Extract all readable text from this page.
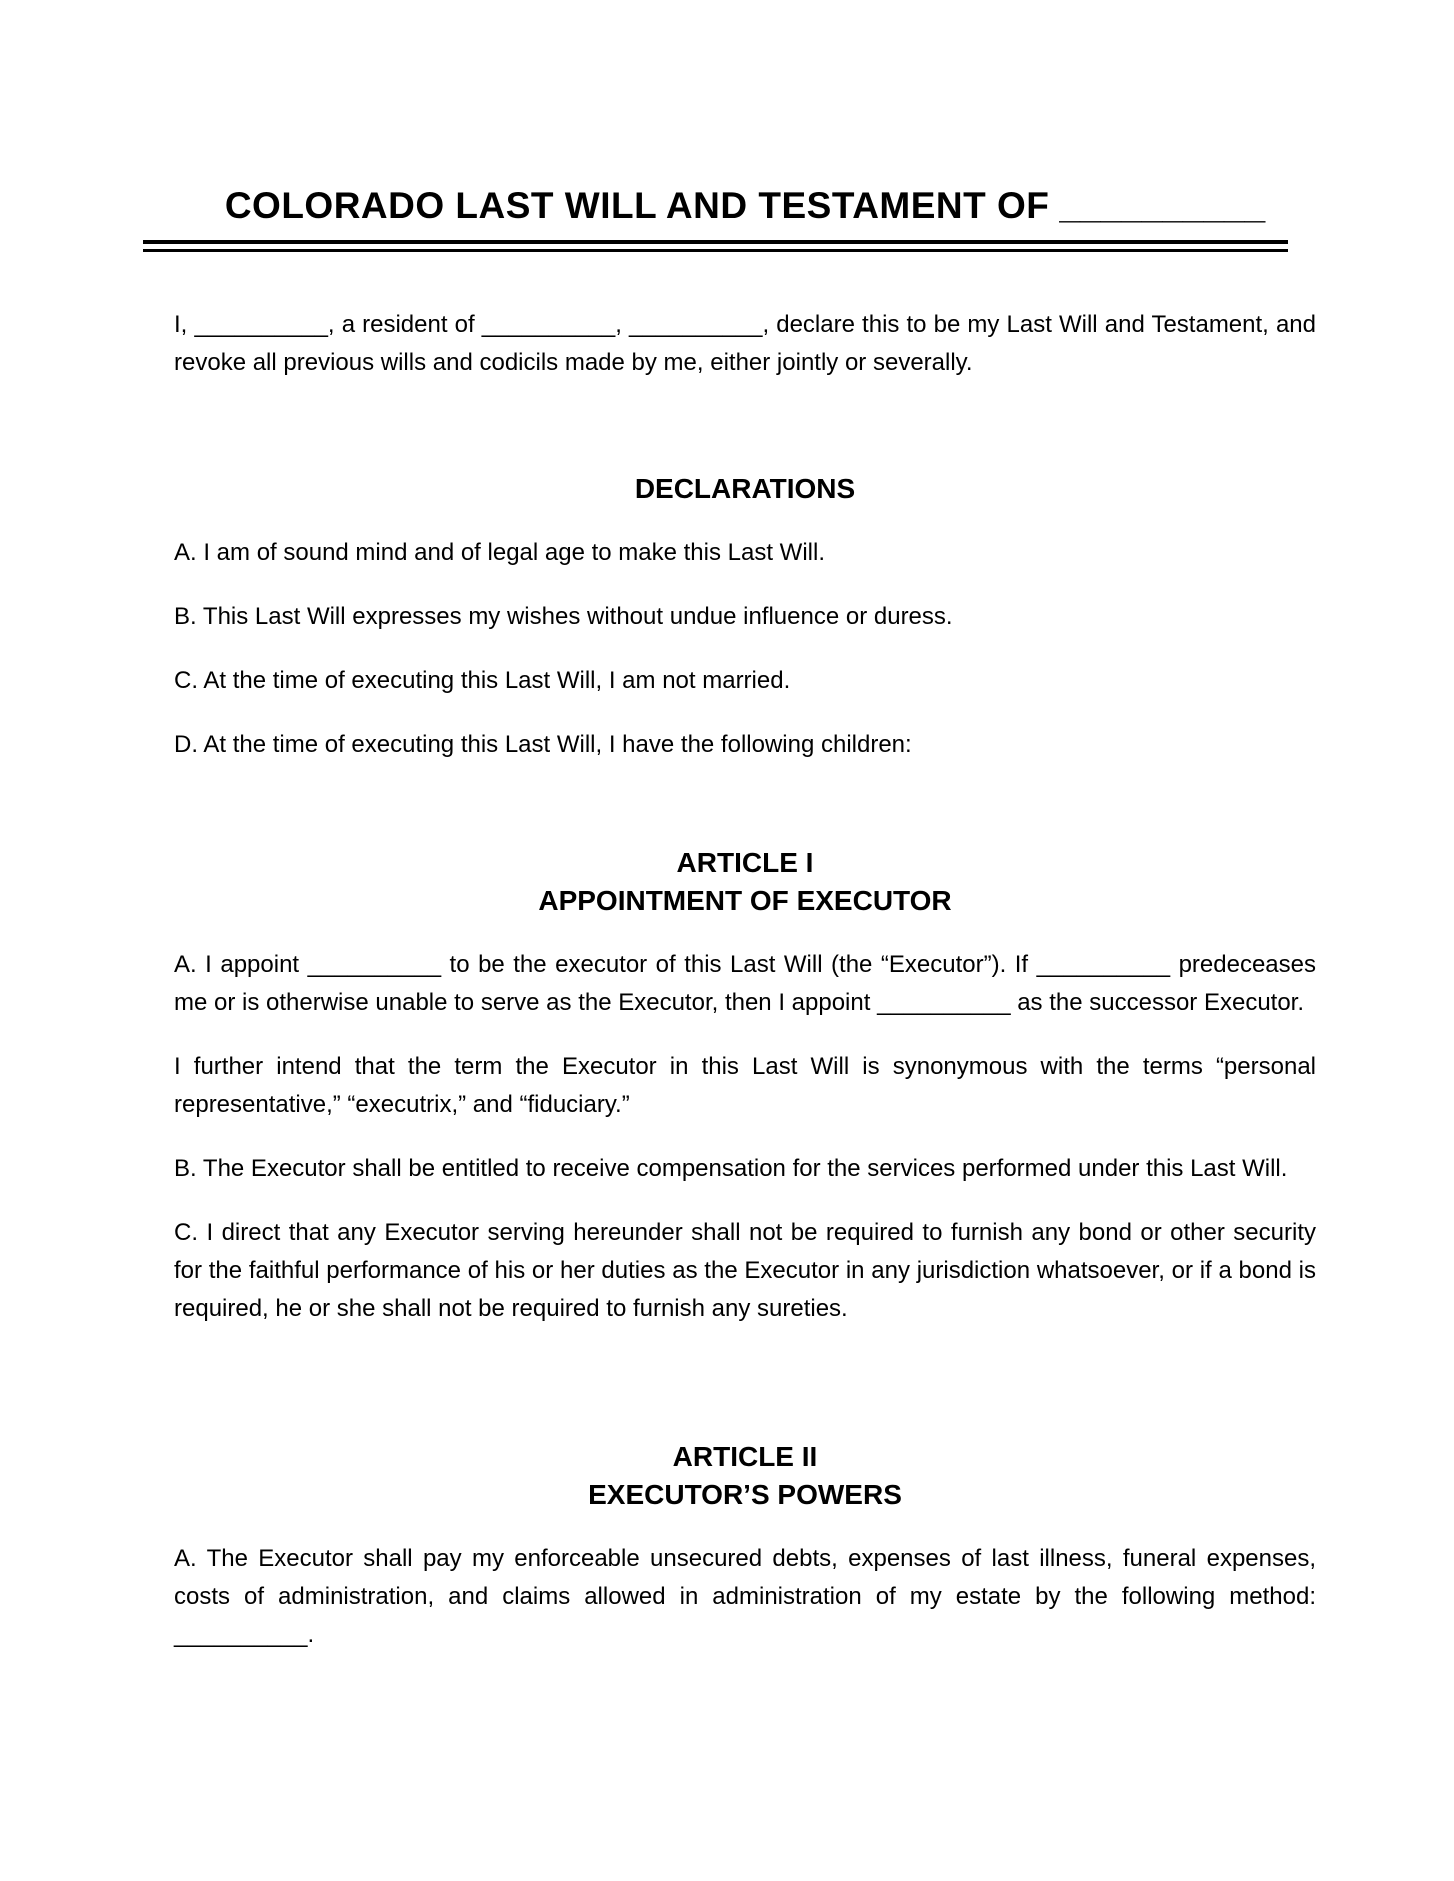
COLORADO LAST WILL AND TESTAMENT OF __________

I, __________, a resident of __________, __________, declare this to be my Last Will and Testament, and revoke all previous wills and codicils made by me, either jointly or severally.

DECLARATIONS

A. I am of sound mind and of legal age to make this Last Will.

B. This Last Will expresses my wishes without undue influence or duress.

C. At the time of executing this Last Will, I am not married.

D. At the time of executing this Last Will, I have the following children:

ARTICLE I
APPOINTMENT OF EXECUTOR

A. I appoint __________ to be the executor of this Last Will (the “Executor”). If __________ predeceases me or is otherwise unable to serve as the Executor, then I appoint __________ as the successor Executor.

I further intend that the term the Executor in this Last Will is synonymous with the terms “personal representative,” “executrix,” and “fiduciary.”

B. The Executor shall be entitled to receive compensation for the services performed under this Last Will.

C. I direct that any Executor serving hereunder shall not be required to furnish any bond or other security for the faithful performance of his or her duties as the Executor in any jurisdiction whatsoever, or if a bond is required, he or she shall not be required to furnish any sureties.

ARTICLE II
EXECUTOR’S POWERS

A. The Executor shall pay my enforceable unsecured debts, expenses of last illness, funeral expenses, costs of administration, and claims allowed in administration of my estate by the following method: __________.
